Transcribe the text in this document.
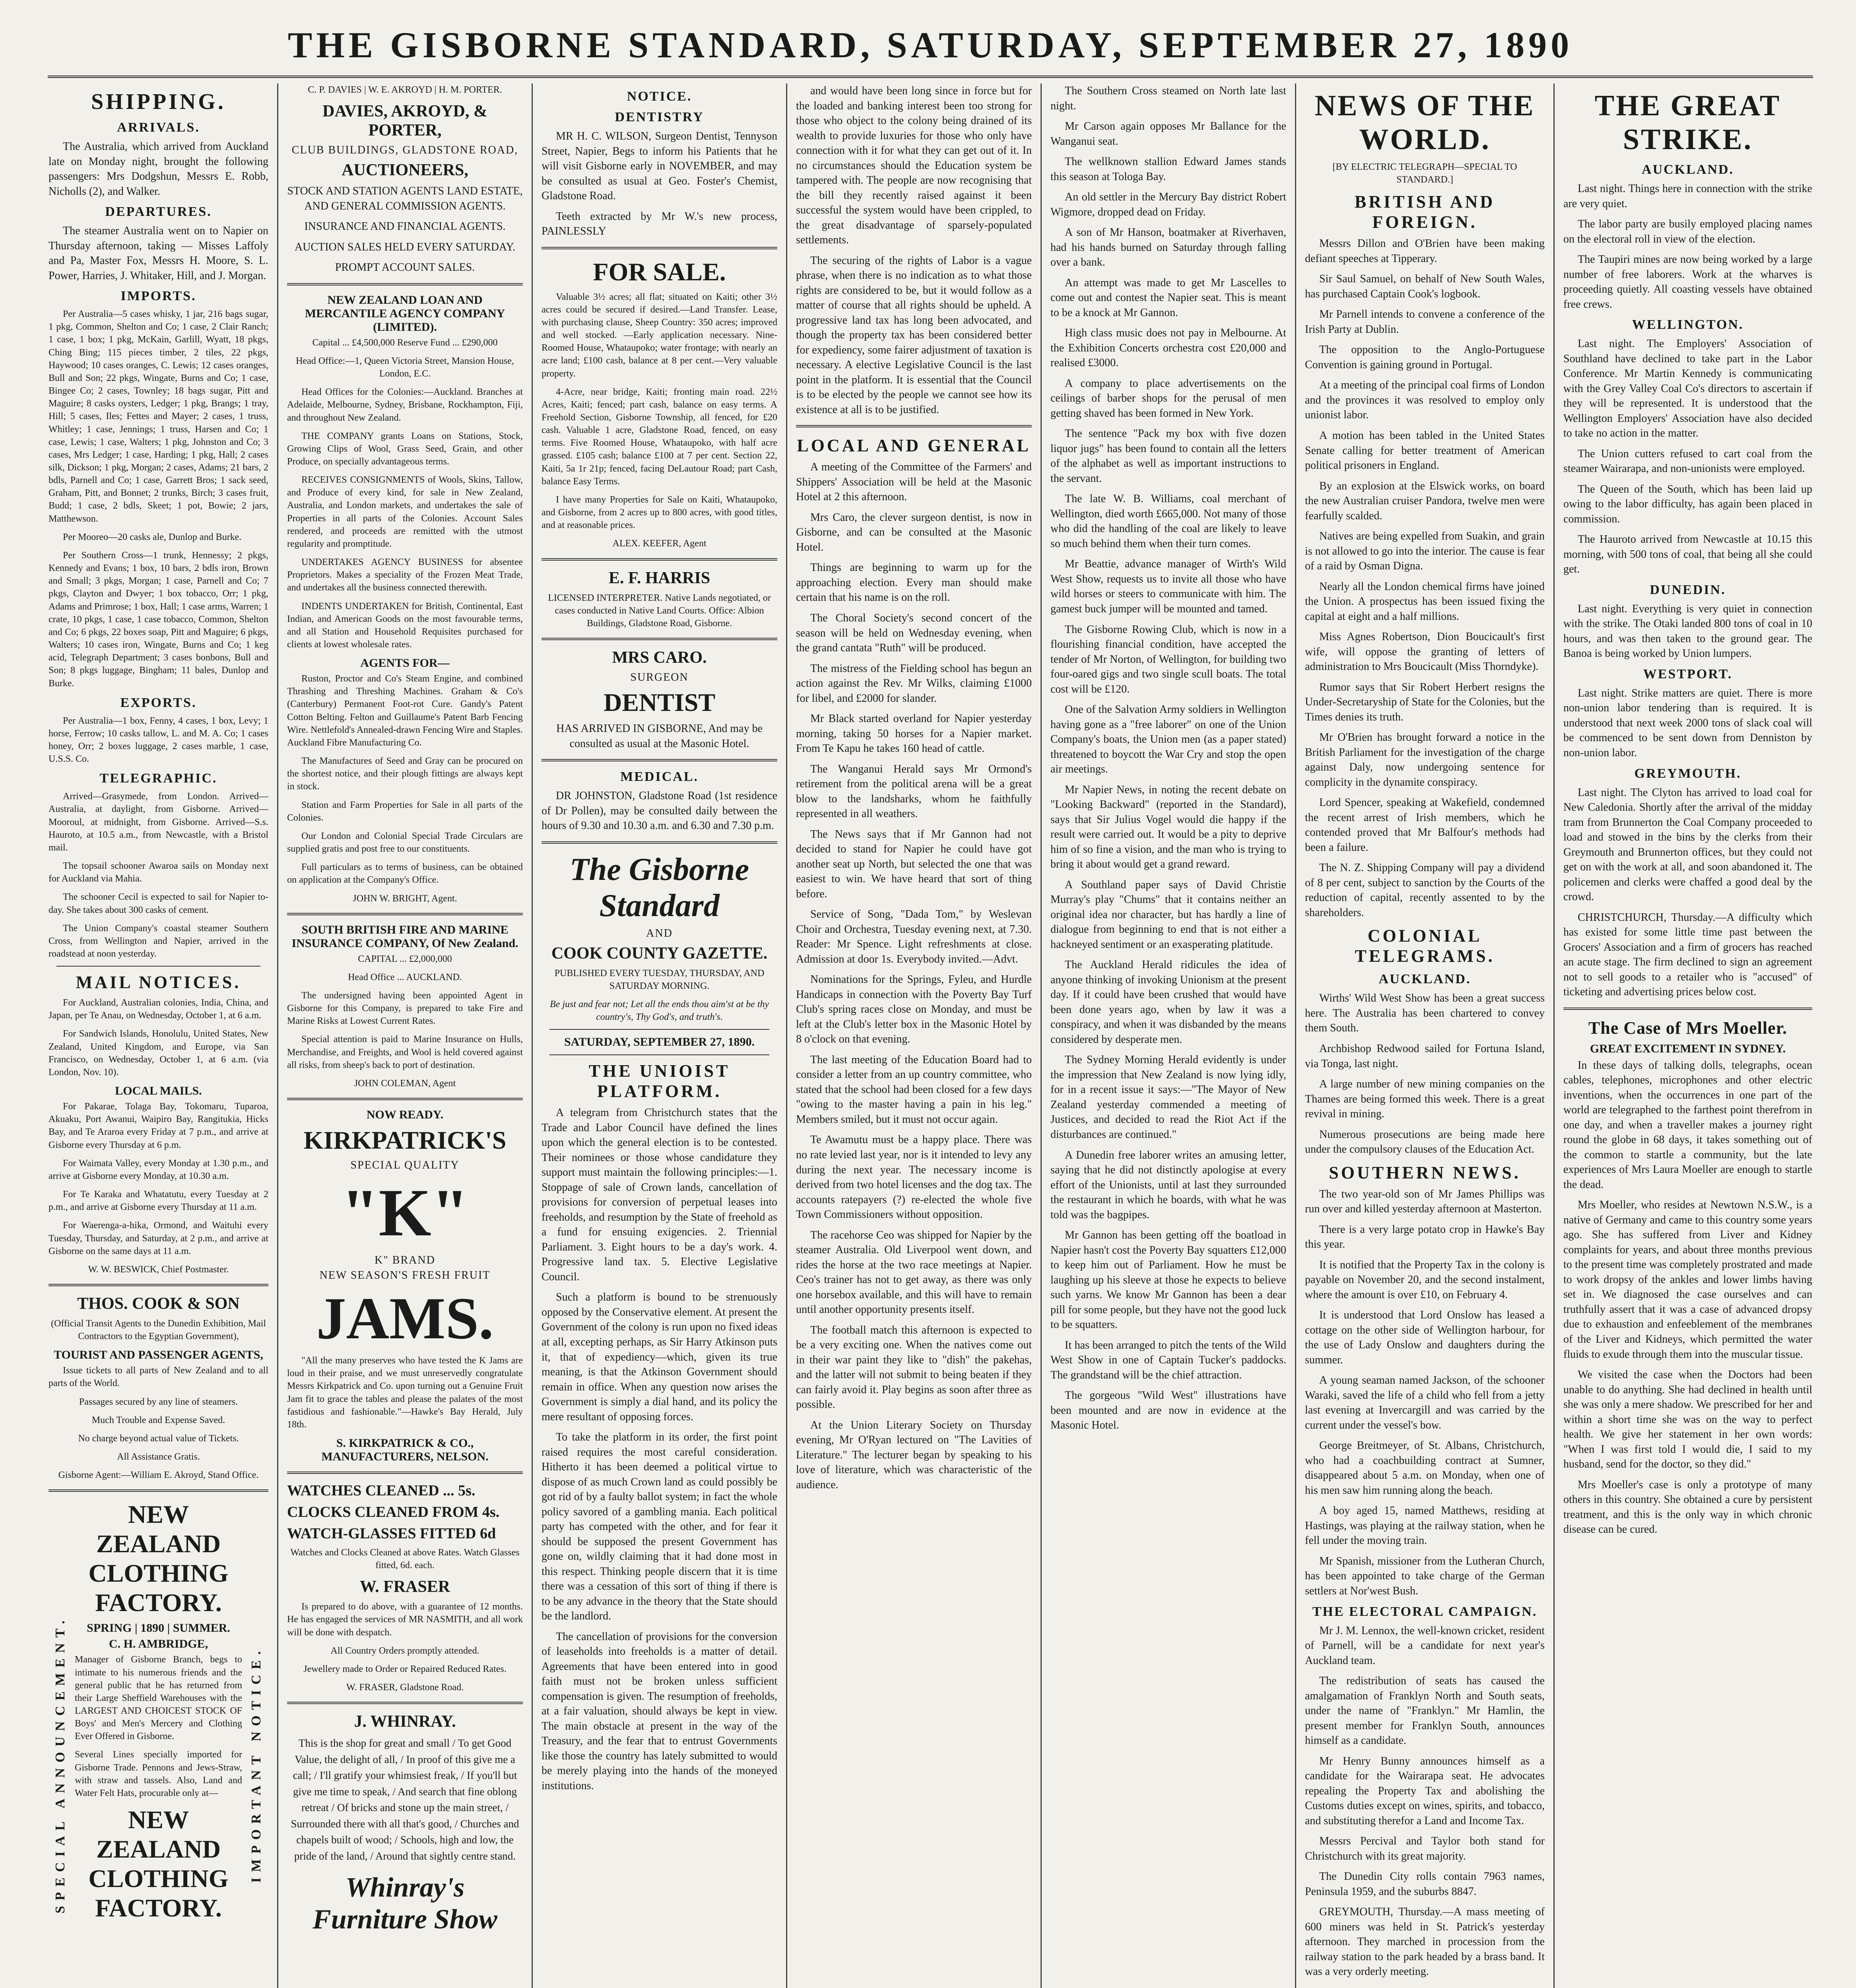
THE GISBORNE STANDARD, SATURDAY, SEPTEMBER 27, 1890
SHIPPING.
ARRIVALS.

The Australia, which arrived from Auckland late on Monday night, brought the following passengers: Mrs Dodgshun, Messrs E. Robb, Nicholls (2), and Walker.

DEPARTURES.

The steamer Australia went on to Napier on Thursday afternoon, taking — Misses Laffoly and Pa, Master Fox, Messrs H. Moore, S. L. Power, Harries, J. Whitaker, Hill, and J. Morgan.

IMPORTS.

Per Australia—5 cases whisky, 1 jar, 216 bags sugar, 1 pkg, Common, Shelton and Co; 1 case, 2 Clair Ranch; 1 case, 1 box; 1 pkg, McKain, Garlill, Wyatt, 18 pkgs, Ching Bing; 115 pieces timber, 2 tiles, 22 pkgs, Haywood; 10 cases oranges, C. Lewis; 12 cases oranges, Bull and Son; 22 pkgs, Wingate, Burns and Co; 1 case, Bingee Co; 2 cases, Townley; 18 bags sugar, Pitt and Maguire; 8 casks oysters, Ledger; 1 pkg, Brangs; 1 tray, Hill; 5 cases, Iles; Fettes and Mayer; 2 cases, 1 truss, Whitley; 1 case, Jennings; 1 truss, Harsen and Co; 1 case, Lewis; 1 case, Walters; 1 pkg, Johnston and Co; 3 cases, Mrs Ledger; 1 case, Harding; 1 pkg, Hall; 2 cases silk, Dickson; 1 pkg, Morgan; 2 cases, Adams; 21 bars, 2 bdls, Parnell and Co; 1 case, Garrett Bros; 1 sack seed, Graham, Pitt, and Bonnet; 2 trunks, Birch; 3 cases fruit, Budd; 1 case, 2 bdls, Skeet; 1 pot, Bowie; 2 jars, Matthewson.

Per Mooreo—20 casks ale, Dunlop and Burke.

Per Southern Cross—1 trunk, Hennessy; 2 pkgs, Kennedy and Evans; 1 box, 10 bars, 2 bdls iron, Brown and Small; 3 pkgs, Morgan; 1 case, Parnell and Co; 7 pkgs, Clayton and Dwyer; 1 box tobacco, Orr; 1 pkg, Adams and Primrose; 1 box, Hall; 1 case arms, Warren; 1 crate, 10 pkgs, 1 case, 1 case tobacco, Common, Shelton and Co; 6 pkgs, 22 boxes soap, Pitt and Maguire; 6 pkgs, Walters; 10 cases iron, Wingate, Burns and Co; 1 keg acid, Telegraph Department; 3 cases bonbons, Bull and Son; 8 pkgs luggage, Bingham; 11 bales, Dunlop and Burke.

EXPORTS.

Per Australia—1 box, Fenny, 4 cases, 1 box, Levy; 1 horse, Ferrow; 10 casks tallow, L. and M. A. Co; 1 cases honey, Orr; 2 boxes luggage, 2 cases marble, 1 case, U.S.S. Co.

TELEGRAPHIC.

Arrived—Grasymede, from London. Arrived—Australia, at daylight, from Gisborne. Arrived—Mooroul, at midnight, from Gisborne. Arrived—S.s. Hauroto, at 10.5 a.m., from Newcastle, with a Bristol mail.

The topsail schooner Awaroa sails on Monday next for Auckland via Mahia.

The schooner Cecil is expected to sail for Napier to-day. She takes about 300 casks of cement.

The Union Company's coastal steamer Southern Cross, from Wellington and Napier, arrived in the roadstead at noon yesterday.

MAIL NOTICES.

For Auckland, Australian colonies, India, China, and Japan, per Te Anau, on Wednesday, October 1, at 6 a.m.

For Sandwich Islands, Honolulu, United States, New Zealand, United Kingdom, and Europe, via San Francisco, on Wednesday, October 1, at 6 a.m. (via London, Nov. 10).

LOCAL MAILS.

For Pakarae, Tolaga Bay, Tokomaru, Tuparoa, Akuaku, Port Awanui, Waipiro Bay, Rangitukia, Hicks Bay, and Te Araroa every Friday at 7 p.m., and arrive at Gisborne every Thursday at 6 p.m.

For Waimata Valley, every Monday at 1.30 p.m., and arrive at Gisborne every Monday, at 10.30 a.m.

For Te Karaka and Whatatutu, every Tuesday at 2 p.m., and arrive at Gisborne every Thursday at 11 a.m.

For Waerenga-a-hika, Ormond, and Waituhi every Tuesday, Thursday, and Saturday, at 2 p.m., and arrive at Gisborne on the same days at 11 a.m.

W. W. BESWICK, Chief Postmaster.

THOS. COOK & SON

(Official Transit Agents to the Dunedin Exhibition, Mail Contractors to the Egyptian Government),

TOURIST AND PASSENGER AGENTS,

Issue tickets to all parts of New Zealand and to all parts of the World.

Passages secured by any line of steamers.

Much Trouble and Expense Saved.

No charge beyond actual value of Tickets.

All Assistance Gratis.

Gisborne Agent:—William E. Akroyd, Stand Office.

SPECIAL ANNOUNCEMENT.	IMPORTANT NOTICE.
NEW ZEALAND CLOTHING FACTORY.
SPRING | 1890 | SUMMER.
C. H. AMBRIDGE,

Manager of Gisborne Branch, begs to intimate to his numerous friends and the general public that he has returned from their Large Sheffield Warehouses with the LARGEST AND CHOICEST STOCK OF Boys' and Men's Mercery and Clothing Ever Offered in Gisborne.

Several Lines specially imported for Gisborne Trade. Pennons and Jews-Straw, with straw and tassels. Also, Land and Water Felt Hats, procurable only at—

NEW ZEALAND CLOTHING FACTORY.

C. P. DAVIES | W. E. AKROYD | H. M. PORTER.

DAVIES, AKROYD, & PORTER,
CLUB BUILDINGS, GLADSTONE ROAD,
AUCTIONEERS,

STOCK AND STATION AGENTS LAND ESTATE, AND GENERAL COMMISSION AGENTS.

INSURANCE AND FINANCIAL AGENTS.

AUCTION SALES HELD EVERY SATURDAY.

PROMPT ACCOUNT SALES.

NEW ZEALAND LOAN AND MERCANTILE AGENCY COMPANY (LIMITED).

Capital ... £4,500,000 Reserve Fund ... £290,000

Head Office:—1, Queen Victoria Street, Mansion House, London, E.C.

Head Offices for the Colonies:—Auckland. Branches at Adelaide, Melbourne, Sydney, Brisbane, Rockhampton, Fiji, and throughout New Zealand.

THE COMPANY grants Loans on Stations, Stock, Growing Clips of Wool, Grass Seed, Grain, and other Produce, on specially advantageous terms.

RECEIVES CONSIGNMENTS of Wools, Skins, Tallow, and Produce of every kind, for sale in New Zealand, Australia, and London markets, and undertakes the sale of Properties in all parts of the Colonies. Account Sales rendered, and proceeds are remitted with the utmost regularity and promptitude.

UNDERTAKES AGENCY BUSINESS for absentee Proprietors. Makes a speciality of the Frozen Meat Trade, and undertakes all the business connected therewith.

INDENTS UNDERTAKEN for British, Continental, East Indian, and American Goods on the most favourable terms, and all Station and Household Requisites purchased for clients at lowest wholesale rates.

AGENTS FOR—

Ruston, Proctor and Co's Steam Engine, and combined Thrashing and Threshing Machines. Graham & Co's (Canterbury) Permanent Foot-rot Cure. Gandy's Patent Cotton Belting. Felton and Guillaume's Patent Barb Fencing Wire. Nettlefold's Annealed-drawn Fencing Wire and Staples. Auckland Fibre Manufacturing Co.

The Manufactures of Seed and Gray can be procured on the shortest notice, and their plough fittings are always kept in stock.

Station and Farm Properties for Sale in all parts of the Colonies.

Our London and Colonial Special Trade Circulars are supplied gratis and post free to our constituents.

Full particulars as to terms of business, can be obtained on application at the Company's Office.

JOHN W. BRIGHT, Agent.

SOUTH BRITISH FIRE AND MARINE INSURANCE COMPANY, Of New Zealand.

CAPITAL ... £2,000,000

Head Office ... AUCKLAND.

The undersigned having been appointed Agent in Gisborne for this Company, is prepared to take Fire and Marine Risks at Lowest Current Rates.

Special attention is paid to Marine Insurance on Hulls, Merchandise, and Freights, and Wool is held covered against all risks, from sheep's back to port of destination.

JOHN COLEMAN, Agent

NOW READY.
KIRKPATRICK'S
SPECIAL QUALITY
"K"
K" BRAND
NEW SEASON'S FRESH FRUIT
JAMS.

"All the many preserves who have tested the K Jams are loud in their praise, and we must unreservedly congratulate Messrs Kirkpatrick and Co. upon turning out a Genuine Fruit Jam fit to grace the tables and please the palates of the most fastidious and fashionable."—Hawke's Bay Herald, July 18th.

S. KIRKPATRICK & CO., MANUFACTURERS, NELSON.
WATCHES CLEANED ... 5s.
CLOCKS CLEANED FROM 4s.
WATCH-GLASSES FITTED 6d

Watches and Clocks Cleaned at above Rates. Watch Glasses fitted, 6d. each.

W. FRASER

Is prepared to do above, with a guarantee of 12 months. He has engaged the services of MR NASMITH, and all work will be done with despatch.

All Country Orders promptly attended.

Jewellery made to Order or Repaired Reduced Rates.

W. FRASER, Gladstone Road.

J. WHINRAY.

This is the shop for great and small / To get Good Value, the delight of all, / In proof of this give me a call; / I'll gratify your whimsiest freak, / If you'll but give me time to speak, / And search that fine oblong retreat / Of bricks and stone up the main street, / Surrounded there with all that's good, / Churches and chapels built of wood; / Schools, high and low, the pride of the land, / Around that sightly centre stand.

Whinray's Furniture Show
NOTICE.
DENTISTRY

MR H. C. WILSON, Surgeon Dentist, Tennyson Street, Napier, Begs to inform his Patients that he will visit Gisborne early in NOVEMBER, and may be consulted as usual at Geo. Foster's Chemist, Gladstone Road.

Teeth extracted by Mr W.'s new process, PAINLESSLY

FOR SALE.

Valuable 3½ acres; all flat; situated on Kaiti; other 3½ acres could be secured if desired.—Land Transfer. Lease, with purchasing clause, Sheep Country: 350 acres; improved and well stocked. —Early application necessary. Nine-Roomed House, Whataupoko; water frontage; with nearly an acre land; £100 cash, balance at 8 per cent.—Very valuable property.

4-Acre, near bridge, Kaiti; fronting main road. 22½ Acres, Kaiti; fenced; part cash, balance on easy terms. A Freehold Section, Gisborne Township, all fenced, for £20 cash. Valuable 1 acre, Gladstone Road, fenced, on easy terms. Five Roomed House, Whataupoko, with half acre grassed. £105 cash; balance £100 at 7 per cent. Section 22, Kaiti, 5a 1r 21p; fenced, facing DeLautour Road; part Cash, balance Easy Terms.

I have many Properties for Sale on Kaiti, Whataupoko, and Gisborne, from 2 acres up to 800 acres, with good titles, and at reasonable prices.

ALEX. KEEFER, Agent

E. F. HARRIS

LICENSED INTERPRETER. Native Lands negotiated, or cases conducted in Native Land Courts. Office: Albion Buildings, Gladstone Road, Gisborne.

MRS CARO.
SURGEON
DENTIST

HAS ARRIVED IN GISBORNE, And may be consulted as usual at the Masonic Hotel.

MEDICAL.

DR JOHNSTON, Gladstone Road (1st residence of Dr Pollen), may be consulted daily between the hours of 9.30 and 10.30 a.m. and 6.30 and 7.30 p.m.

The Gisborne Standard
AND
COOK COUNTY GAZETTE.

PUBLISHED EVERY TUESDAY, THURSDAY, AND SATURDAY MORNING.

Be just and fear not; Let all the ends thou aim'st at be thy country's, Thy God's, and truth's.

SATURDAY, SEPTEMBER 27, 1890.
THE UNIOIST PLATFORM.

A telegram from Christchurch states that the Trade and Labor Council have defined the lines upon which the general election is to be contested. Their nominees or those whose candidature they support must maintain the following principles:—1. Stoppage of sale of Crown lands, cancellation of provisions for conversion of perpetual leases into freeholds, and resumption by the State of freehold as a fund for ensuing exigencies. 2. Triennial Parliament. 3. Eight hours to be a day's work. 4. Progressive land tax. 5. Elective Legislative Council.

Such a platform is bound to be strenuously opposed by the Conservative element. At present the Government of the colony is run upon no fixed ideas at all, excepting perhaps, as Sir Harry Atkinson puts it, that of expediency—which, given its true meaning, is that the Atkinson Government should remain in office. When any question now arises the Government is simply a dial hand, and its policy the mere resultant of opposing forces.

To take the platform in its order, the first point raised requires the most careful consideration. Hitherto it has been deemed a political virtue to dispose of as much Crown land as could possibly be got rid of by a faulty ballot system; in fact the whole policy savored of a gambling mania. Each political party has competed with the other, and for fear it should be supposed the present Government has gone on, wildly claiming that it had done most in this respect. Thinking people discern that it is time there was a cessation of this sort of thing if there is to be any advance in the theory that the State should be the landlord.

The cancellation of provisions for the conversion of leaseholds into freeholds is a matter of detail. Agreements that have been entered into in good faith must not be broken unless sufficient compensation is given. The resumption of freeholds, at a fair valuation, should always be kept in view. The main obstacle at present in the way of the Treasury, and the fear that to entrust Governments like those the country has lately submitted to would be merely playing into the hands of the moneyed institutions.

and would have been long since in force but for the loaded and banking interest been too strong for those who object to the colony being drained of its wealth to provide luxuries for those who only have connection with it for what they can get out of it. In no circumstances should the Education system be tampered with. The people are now recognising that the bill they recently raised against it been successful the system would have been crippled, to the great disadvantage of sparsely-populated settlements.

The securing of the rights of Labor is a vague phrase, when there is no indication as to what those rights are considered to be, but it would follow as a matter of course that all rights should be upheld. A progressive land tax has long been advocated, and though the property tax has been considered better for expediency, some fairer adjustment of taxation is necessary. A elective Legislative Council is the last point in the platform. It is essential that the Council is to be elected by the people we cannot see how its existence at all is to be justified.

LOCAL AND GENERAL

A meeting of the Committee of the Farmers' and Shippers' Association will be held at the Masonic Hotel at 2 this afternoon.

Mrs Caro, the clever surgeon dentist, is now in Gisborne, and can be consulted at the Masonic Hotel.

Things are beginning to warm up for the approaching election. Every man should make certain that his name is on the roll.

The Choral Society's second concert of the season will be held on Wednesday evening, when the grand cantata "Ruth" will be produced.

The mistress of the Fielding school has begun an action against the Rev. Mr Wilks, claiming £1000 for libel, and £2000 for slander.

Mr Black started overland for Napier yesterday morning, taking 50 horses for a Napier market. From Te Kapu he takes 160 head of cattle.

The Wanganui Herald says Mr Ormond's retirement from the political arena will be a great blow to the landsharks, whom he faithfully represented in all weathers.

The News says that if Mr Gannon had not decided to stand for Napier he could have got another seat up North, but selected the one that was easiest to win. We have heard that sort of thing before.

Service of Song, "Dada Tom," by Weslevan Choir and Orchestra, Tuesday evening next, at 7.30. Reader: Mr Spence. Light refreshments at close. Admission at door 1s. Everybody invited.—Advt.

Nominations for the Springs, Fyleu, and Hurdle Handicaps in connection with the Poverty Bay Turf Club's spring races close on Monday, and must be left at the Club's letter box in the Masonic Hotel by 8 o'clock on that evening.

The last meeting of the Education Board had to consider a letter from an up country committee, who stated that the school had been closed for a few days "owing to the master having a pain in his leg." Members smiled, but it must not occur again.

Te Awamutu must be a happy place. There was no rate levied last year, nor is it intended to levy any during the next year. The necessary income is derived from two hotel licenses and the dog tax. The accounts ratepayers (?) re-elected the whole five Town Commissioners without opposition.

The racehorse Ceo was shipped for Napier by the steamer Australia. Old Liverpool went down, and rides the horse at the two race meetings at Napier. Ceo's trainer has not to get away, as there was only one horsebox available, and this will have to remain until another opportunity presents itself.

The football match this afternoon is expected to be a very exciting one. When the natives come out in their war paint they like to "dish" the pakehas, and the latter will not submit to being beaten if they can fairly avoid it. Play begins as soon after three as possible.

At the Union Literary Society on Thursday evening, Mr O'Ryan lectured on "The Lavities of Literature." The lecturer began by speaking to his love of literature, which was characteristic of the audience.

The Southern Cross steamed on North late last night.

Mr Carson again opposes Mr Ballance for the Wanganui seat.

The wellknown stallion Edward James stands this season at Tologa Bay.

An old settler in the Mercury Bay district Robert Wigmore, dropped dead on Friday.

A son of Mr Hanson, boatmaker at Riverhaven, had his hands burned on Saturday through falling over a bank.

An attempt was made to get Mr Lascelles to come out and contest the Napier seat. This is meant to be a knock at Mr Gannon.

High class music does not pay in Melbourne. At the Exhibition Concerts orchestra cost £20,000 and realised £3000.

A company to place advertisements on the ceilings of barber shops for the perusal of men getting shaved has been formed in New York.

The sentence "Pack my box with five dozen liquor jugs" has been found to contain all the letters of the alphabet as well as important instructions to the servant.

The late W. B. Williams, coal merchant of Wellington, died worth £665,000. Not many of those who did the handling of the coal are likely to leave so much behind them when their turn comes.

Mr Beattie, advance manager of Wirth's Wild West Show, requests us to invite all those who have wild horses or steers to communicate with him. The gamest buck jumper will be mounted and tamed.

The Gisborne Rowing Club, which is now in a flourishing financial condition, have accepted the tender of Mr Norton, of Wellington, for building two four-oared gigs and two single scull boats. The total cost will be £120.

One of the Salvation Army soldiers in Wellington having gone as a "free laborer" on one of the Union Company's boats, the Union men (as a paper stated) threatened to boycott the War Cry and stop the open air meetings.

Mr Napier News, in noting the recent debate on "Looking Backward" (reported in the Standard), says that Sir Julius Vogel would die happy if the result were carried out. It would be a pity to deprive him of so fine a vision, and the man who is trying to bring it about would get a grand reward.

A Southland paper says of David Christie Murray's play "Chums" that it contains neither an original idea nor character, but has hardly a line of dialogue from beginning to end that is not either a hackneyed sentiment or an exasperating platitude.

The Auckland Herald ridicules the idea of anyone thinking of invoking Unionism at the present day. If it could have been crushed that would have been done years ago, when by law it was a conspiracy, and when it was disbanded by the means considered by desperate men.

The Sydney Morning Herald evidently is under the impression that New Zealand is now lying idly, for in a recent issue it says:—"The Mayor of New Zealand yesterday commended a meeting of Justices, and decided to read the Riot Act if the disturbances are continued."

A Dunedin free laborer writes an amusing letter, saying that he did not distinctly apologise at every effort of the Unionists, until at last they surrounded the restaurant in which he boards, with what he was told was the bagpipes.

Mr Gannon has been getting off the boatload in Napier hasn't cost the Poverty Bay squatters £12,000 to keep him out of Parliament. How he must be laughing up his sleeve at those he expects to believe such yarns. We know Mr Gannon has been a dear pill for some people, but they have not the good luck to be squatters.

It has been arranged to pitch the tents of the Wild West Show in one of Captain Tucker's paddocks. The grandstand will be the chief attraction.

The gorgeous "Wild West" illustrations have been mounted and are now in evidence at the Masonic Hotel.

NEWS OF THE WORLD.

[BY ELECTRIC TELEGRAPH—SPECIAL TO STANDARD.]

BRITISH AND FOREIGN.

Messrs Dillon and O'Brien have been making defiant speeches at Tipperary.

Sir Saul Samuel, on behalf of New South Wales, has purchased Captain Cook's logbook.

Mr Parnell intends to convene a conference of the Irish Party at Dublin.

The opposition to the Anglo-Portuguese Convention is gaining ground in Portugal.

At a meeting of the principal coal firms of London and the provinces it was resolved to employ only unionist labor.

A motion has been tabled in the United States Senate calling for better treatment of American political prisoners in England.

By an explosion at the Elswick works, on board the new Australian cruiser Pandora, twelve men were fearfully scalded.

Natives are being expelled from Suakin, and grain is not allowed to go into the interior. The cause is fear of a raid by Osman Digna.

Nearly all the London chemical firms have joined the Union. A prospectus has been issued fixing the capital at eight and a half millions.

Miss Agnes Robertson, Dion Boucicault's first wife, will oppose the granting of letters of administration to Mrs Boucicault (Miss Thorndyke).

Rumor says that Sir Robert Herbert resigns the Under-Secretaryship of State for the Colonies, but the Times denies its truth.

Mr O'Brien has brought forward a notice in the British Parliament for the investigation of the charge against Daly, now undergoing sentence for complicity in the dynamite conspiracy.

Lord Spencer, speaking at Wakefield, condemned the recent arrest of Irish members, which he contended proved that Mr Balfour's methods had been a failure.

The N. Z. Shipping Company will pay a dividend of 8 per cent, subject to sanction by the Courts of the reduction of capital, recently assented to by the shareholders.

COLONIAL TELEGRAMS.
AUCKLAND.

Wirths' Wild West Show has been a great success here. The Australia has been chartered to convey them South.

Archbishop Redwood sailed for Fortuna Island, via Tonga, last night.

A large number of new mining companies on the Thames are being formed this week. There is a great revival in mining.

Numerous prosecutions are being made here under the compulsory clauses of the Education Act.

SOUTHERN NEWS.

The two year-old son of Mr James Phillips was run over and killed yesterday afternoon at Masterton.

There is a very large potato crop in Hawke's Bay this year.

It is notified that the Property Tax in the colony is payable on November 20, and the second instalment, where the amount is over £10, on February 4.

It is understood that Lord Onslow has leased a cottage on the other side of Wellington harbour, for the use of Lady Onslow and daughters during the summer.

A young seaman named Jackson, of the schooner Waraki, saved the life of a child who fell from a jetty last evening at Invercargill and was carried by the current under the vessel's bow.

George Breitmeyer, of St. Albans, Christchurch, who had a coachbuilding contract at Sumner, disappeared about 5 a.m. on Monday, when one of his men saw him running along the beach.

A boy aged 15, named Matthews, residing at Hastings, was playing at the railway station, when he fell under the moving train.

Mr Spanish, missioner from the Lutheran Church, has been appointed to take charge of the German settlers at Nor'west Bush.

THE ELECTORAL CAMPAIGN.

Mr J. M. Lennox, the well-known cricket, resident of Parnell, will be a candidate for next year's Auckland team.

The redistribution of seats has caused the amalgamation of Franklyn North and South seats, under the name of "Franklyn." Mr Hamlin, the present member for Franklyn South, announces himself as a candidate.

Mr Henry Bunny announces himself as a candidate for the Wairarapa seat. He advocates repealing the Property Tax and abolishing the Customs duties except on wines, spirits, and tobacco, and substituting therefor a Land and Income Tax.

Messrs Percival and Taylor both stand for Christchurch with its great majority.

The Dunedin City rolls contain 7963 names, Peninsula 1959, and the suburbs 8847.

GREYMOUTH, Thursday.—A mass meeting of 600 miners was held in St. Patrick's yesterday afternoon. They marched in procession from the railway station to the park headed by a brass band. It was a very orderly meeting.

THE GREAT STRIKE.
AUCKLAND.

Last night. Things here in connection with the strike are very quiet.

The labor party are busily employed placing names on the electoral roll in view of the election.

The Taupiri mines are now being worked by a large number of free laborers. Work at the wharves is proceeding quietly. All coasting vessels have obtained free crews.

WELLINGTON.

Last night. The Employers' Association of Southland have declined to take part in the Labor Conference. Mr Martin Kennedy is communicating with the Grey Valley Coal Co's directors to ascertain if they will be represented. It is understood that the Wellington Employers' Association have also decided to take no action in the matter.

The Union cutters refused to cart coal from the steamer Wairarapa, and non-unionists were employed.

The Queen of the South, which has been laid up owing to the labor difficulty, has again been placed in commission.

The Hauroto arrived from Newcastle at 10.15 this morning, with 500 tons of coal, that being all she could get.

DUNEDIN.

Last night. Everything is very quiet in connection with the strike. The Otaki landed 800 tons of coal in 10 hours, and was then taken to the ground gear. The Banoa is being worked by Union lumpers.

WESTPORT.

Last night. Strike matters are quiet. There is more non-union labor tendering than is required. It is understood that next week 2000 tons of slack coal will be commenced to be sent down from Denniston by non-union labor.

GREYMOUTH.

Last night. The Clyton has arrived to load coal for New Caledonia. Shortly after the arrival of the midday tram from Brunnerton the Coal Company proceeded to load and stowed in the bins by the clerks from their Greymouth and Brunnerton offices, but they could not get on with the work at all, and soon abandoned it. The policemen and clerks were chaffed a good deal by the crowd.

CHRISTCHURCH, Thursday.—A difficulty which has existed for some little time past between the Grocers' Association and a firm of grocers has reached an acute stage. The firm declined to sign an agreement not to sell goods to a retailer who is "accused" of ticketing and advertising prices below cost.

The Case of Mrs Moeller.
GREAT EXCITEMENT IN SYDNEY.

In these days of talking dolls, telegraphs, ocean cables, telephones, microphones and other electric inventions, when the occurrences in one part of the world are telegraphed to the farthest point therefrom in one day, and when a traveller makes a journey right round the globe in 68 days, it takes something out of the common to startle a community, but the late experiences of Mrs Laura Moeller are enough to startle the dead.

Mrs Moeller, who resides at Newtown N.S.W., is a native of Germany and came to this country some years ago. She has suffered from Liver and Kidney complaints for years, and about three months previous to the present time was completely prostrated and made to work dropsy of the ankles and lower limbs having set in. We diagnosed the case ourselves and can truthfully assert that it was a case of advanced dropsy due to exhaustion and enfeeblement of the membranes of the Liver and Kidneys, which permitted the water fluids to exude through them into the muscular tissue.

We visited the case when the Doctors had been unable to do anything. She had declined in health until she was only a mere shadow. We prescribed for her and within a short time she was on the way to perfect health. We give her statement in her own words: "When I was first told I would die, I said to my husband, send for the doctor, so they did."

Mrs Moeller's case is only a prototype of many others in this country. She obtained a cure by persistent treatment, and this is the only way in which chronic disease can be cured.
